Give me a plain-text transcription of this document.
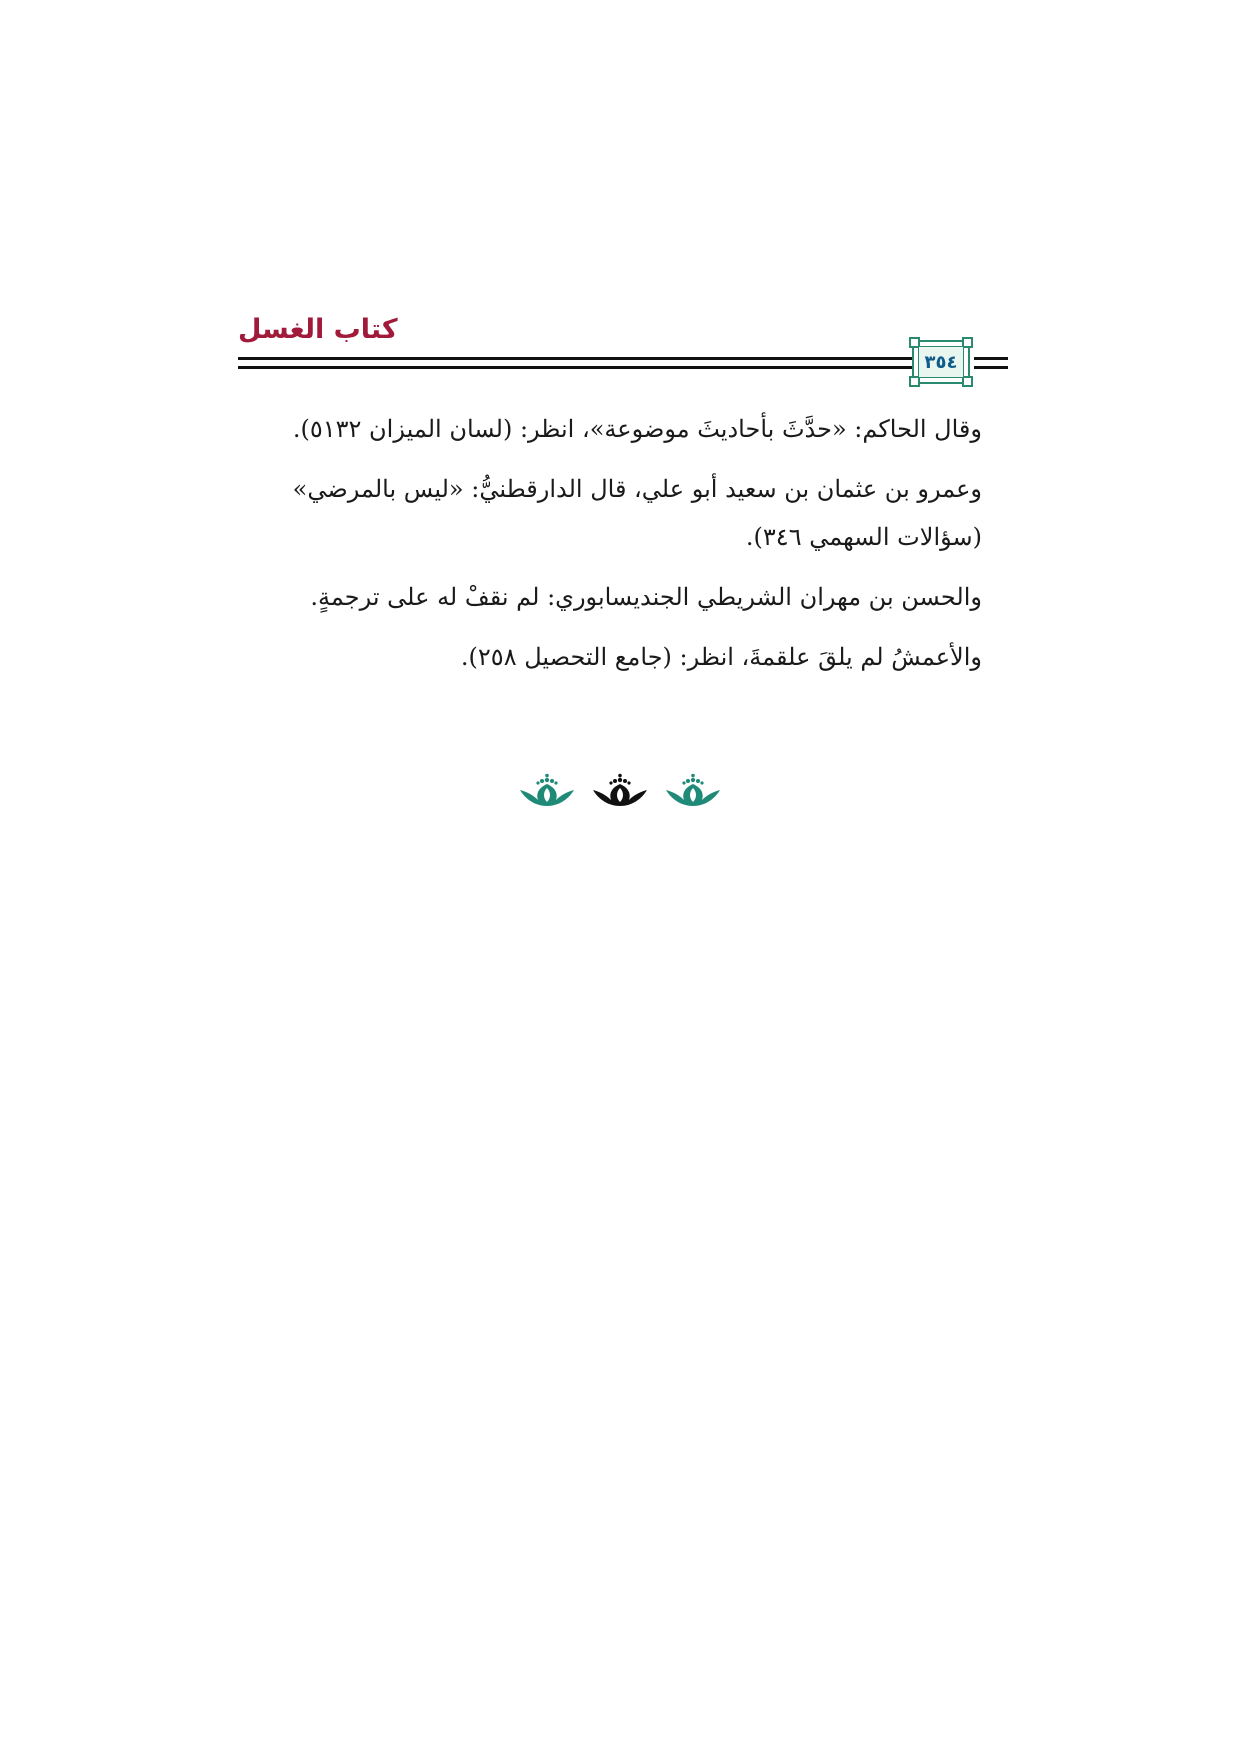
كتاب الغسل
٣٥٤

وقال الحاكم: «حدَّثَ بأحاديثَ موضوعة»، انظر: (لسان الميزان ٥١٣٢).

وعمرو بن عثمان بن سعيد أبو علي، قال الدارقطنيُّ: «ليس بالمرضي»
(سؤالات السهمي ٣٤٦).

والحسن بن مهران الشريطي الجنديسابوري: لم نقفْ له على ترجمةٍ.

والأعمشُ لم يلقَ علقمةَ، انظر: (جامع التحصيل ٢٥٨).
